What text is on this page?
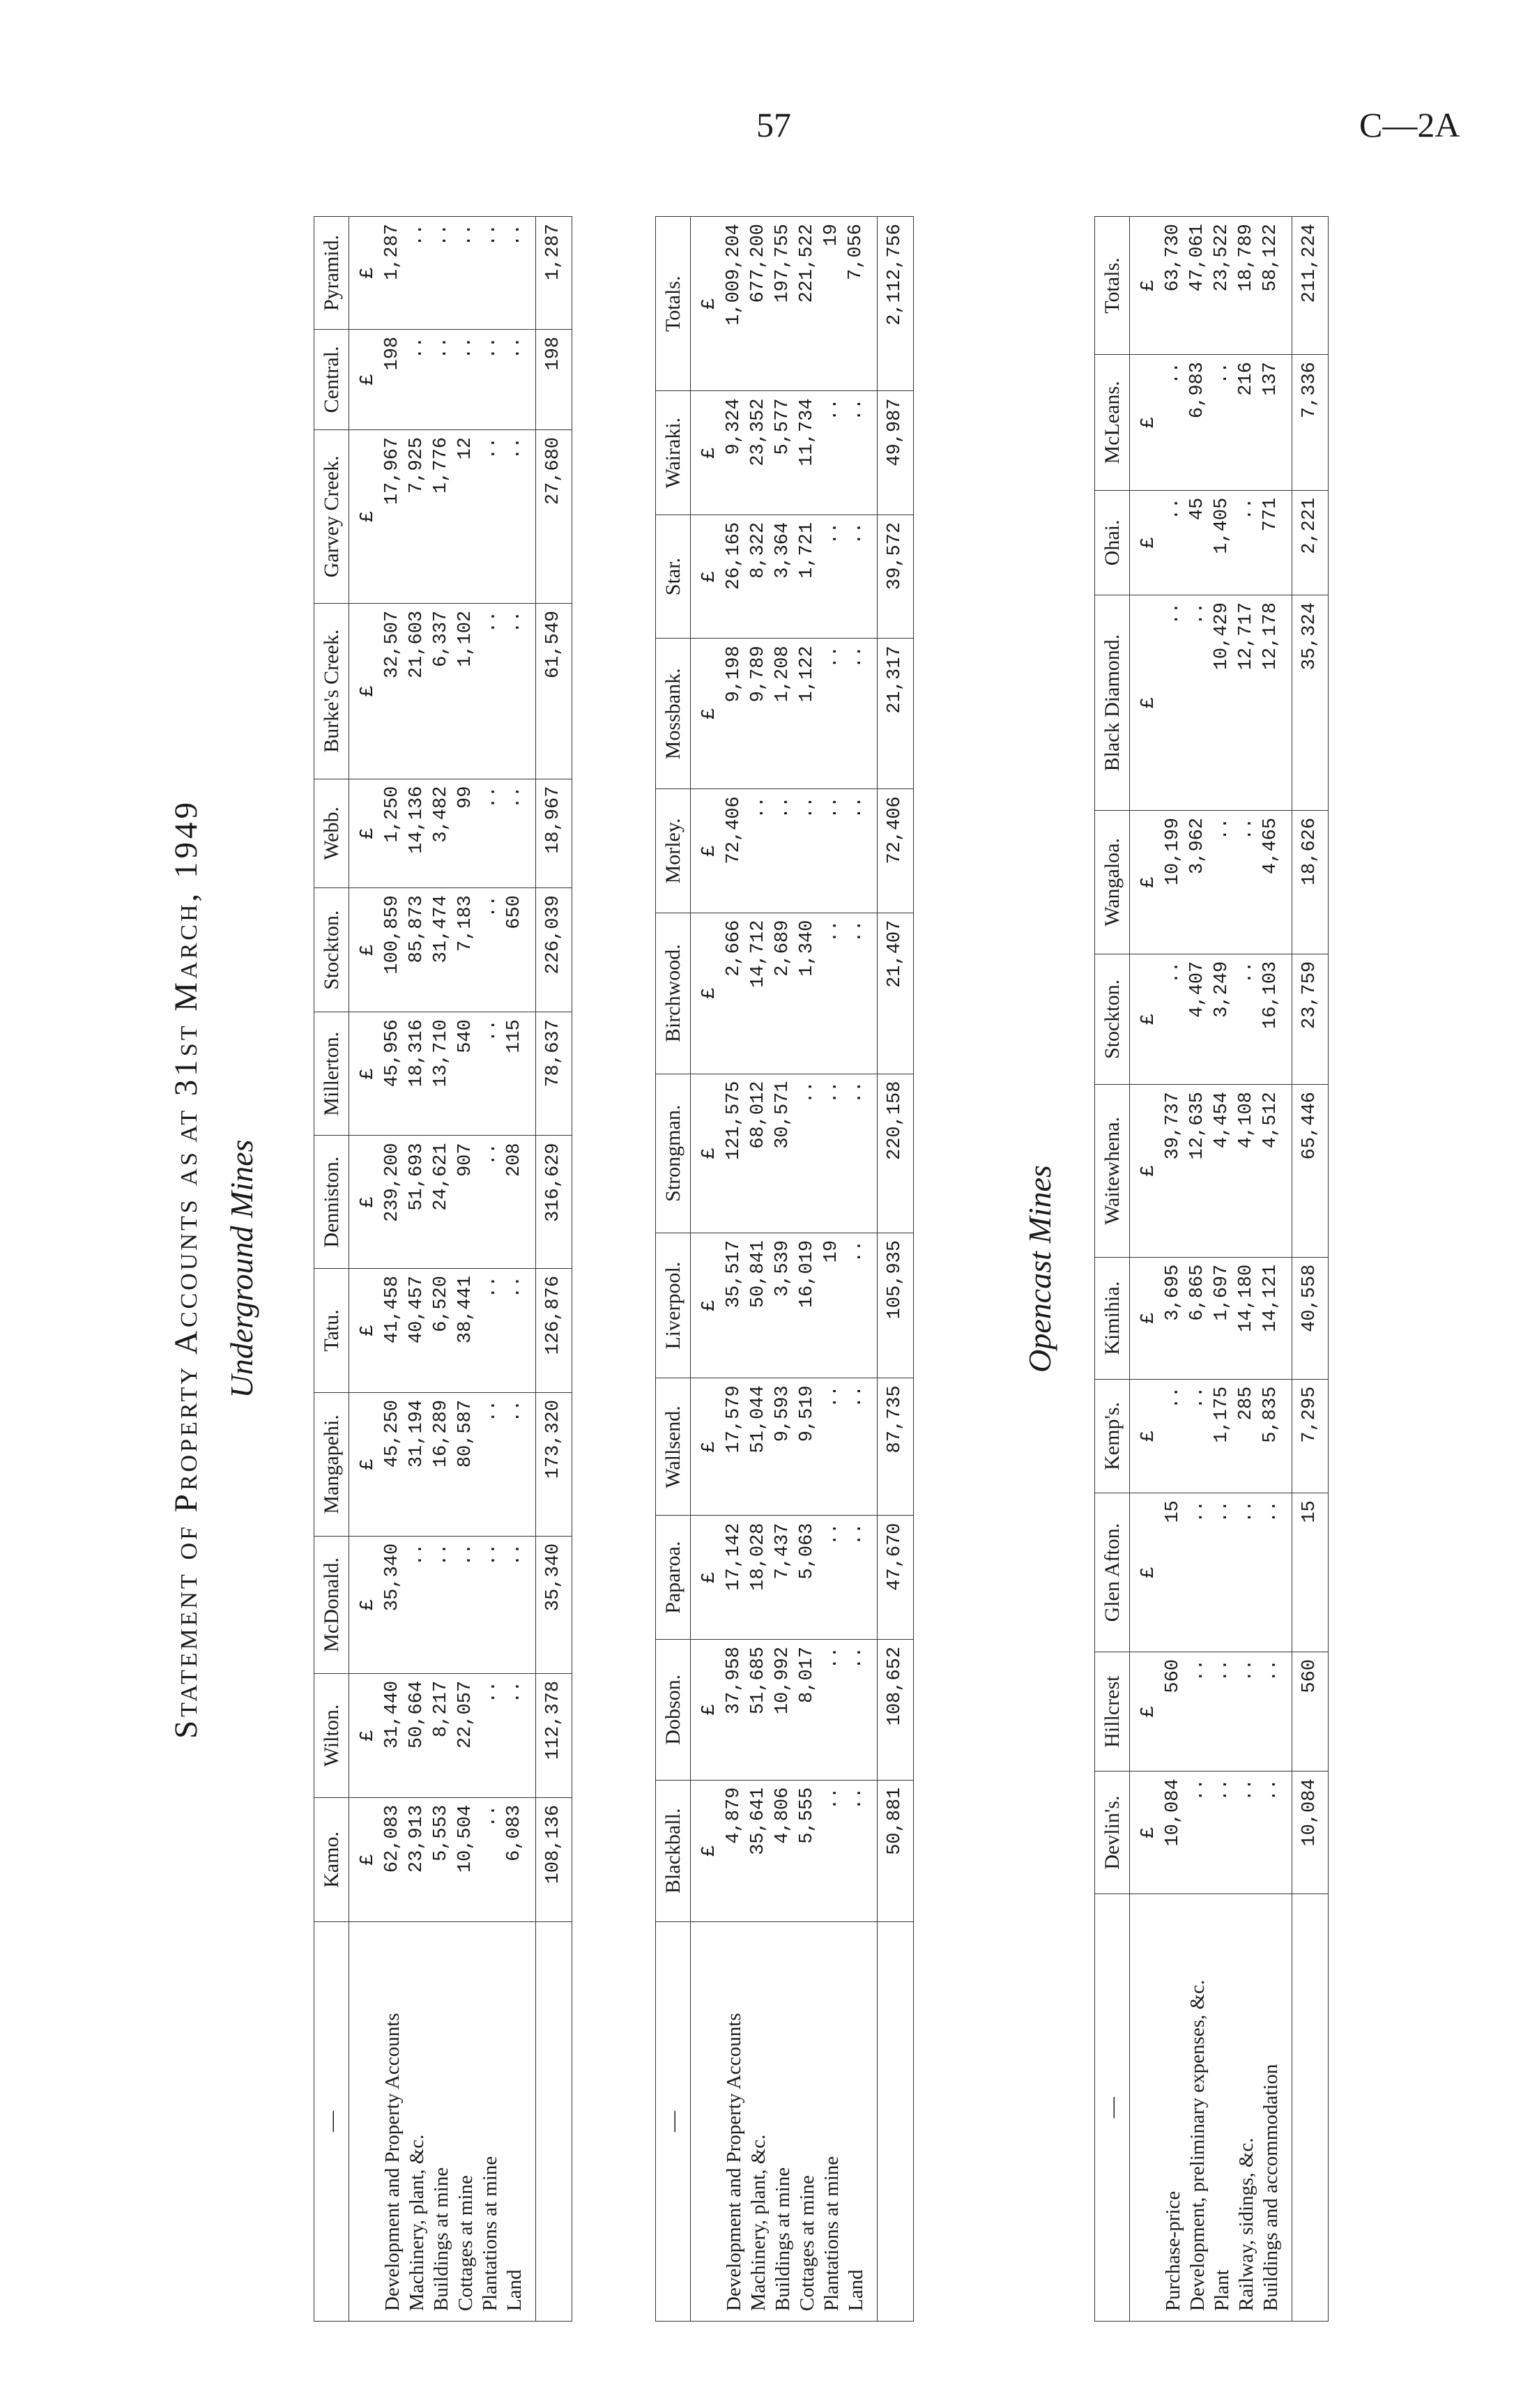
57	C—2A
STATEMENT OF PROPERTY ACCOUNTS AS AT 31ST MARCH, 1949
Underground Mines
—	Kamo.	Wilton.	McDonald.	Mangapehi.	Tatu.	Denniston.	Millerton.	Stockton.	Webb.	Burke's Creek.	Garvey Creek.	Central.	Pyramid.
	£	£	£	£	£	£	£	£	£	£	£	£	£
Development and Property Accounts	62,083	31,440	35,340	45,250	41,458	239,200	45,956	100,859	1,250	32,507	17,967	198	1,287
Machinery, plant, &c.	23,913	50,664	..	31,194	40,457	51,693	18,316	85,873	14,136	21,603	7,925	..	..
Buildings at mine	5,553	8,217	..	16,289	6,520	24,621	13,710	31,474	3,482	6,337	1,776	..	..
Cottages at mine	10,504	22,057	..	80,587	38,441	907	540	7,183	99	1,102	12	..	..
Plantations at mine	..	..	..	..	..	..	..	..	..	..	..	..	..
Land	6,083	..	..	..	..	208	115	650	..	..	..	..	..
	108,136	112,378	35,340	173,320	126,876	316,629	78,637	226,039	18,967	61,549	27,680	198	1,287
—	Blackball.	Dobson.	Paparoa.	Wallsend.	Liverpool.	Strongman.	Birchwood.	Morley.	Mossbank.	Star.	Wairaki.	Totals.
	£	£	£	£	£	£	£	£	£	£	£	£
Development and Property Accounts	4,879	37,958	17,142	17,579	35,517	121,575	2,666	72,406	9,198	26,165	9,324	1,009,204
Machinery, plant, &c.	35,641	51,685	18,028	51,044	50,841	68,012	14,712	..	9,789	8,322	23,352	677,200
Buildings at mine	4,806	10,992	7,437	9,593	3,539	30,571	2,689	..	1,208	3,364	5,577	197,755
Cottages at mine	5,555	8,017	5,063	9,519	16,019	..	1,340	..	1,122	1,721	11,734	221,522
Plantations at mine	..	..	..	..	19	..	..	..	..	..	..	19
Land	..	..	..	..	..	..	..	..	..	..	..	7,056
	50,881	108,652	47,670	87,735	105,935	220,158	21,407	72,406	21,317	39,572	49,987	2,112,756
Opencast Mines
—	Devlin's.	Hillcrest	Glen Afton.	Kemp's.	Kimihia.	Waitewhena.	Stockton.	Wangaloa.	Black Diamond.	Ohai.	McLeans.	Totals.
	£	£	£	£	£	£	£	£	£	£	£	£
Purchase-price	10,084	560	15	..	3,695	39,737	..	10,199	..	..	..	63,730
Development, preliminary expenses, &c.	..	..	..	..	6,865	12,635	4,407	3,962	..	45	6,983	47,061
Plant	..	..	..	1,175	1,697	4,454	3,249	..	10,429	1,405	..	23,522
Railway, sidings, &c.	..	..	..	285	14,180	4,108	..	..	12,717	..	216	18,789
Buildings and accommodation	..	..	..	5,835	14,121	4,512	16,103	4,465	12,178	771	137	58,122
	10,084	560	15	7,295	40,558	65,446	23,759	18,626	35,324	2,221	7,336	211,224
